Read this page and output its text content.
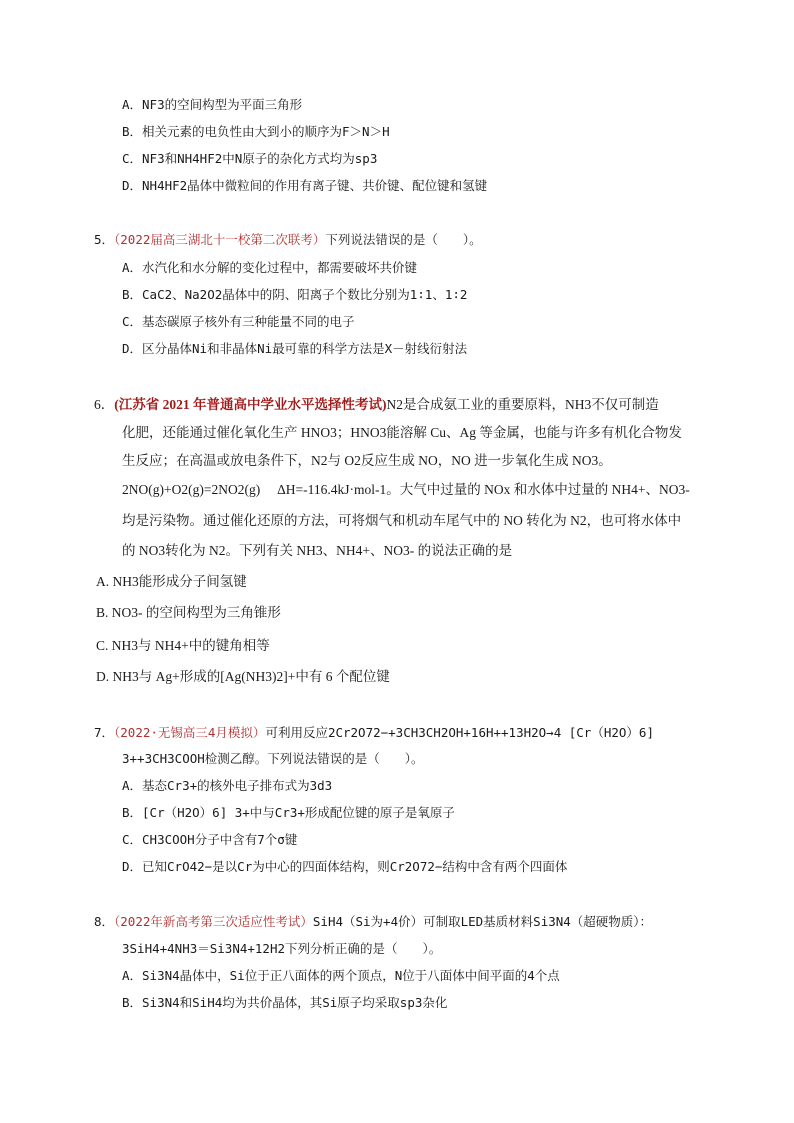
A．NF3的空间构型为平面三角形
B．相关元素的电负性由大到小的顺序为F＞N＞H
C．NF3和NH4HF2中N原子的杂化方式均为sp3
D．NH4HF2晶体中微粒间的作用有离子键、共价键、配位键和氢键
5．（2022届高三湖北十一校第二次联考）下列说法错误的是（　　）。
A．水汽化和水分解的变化过程中，都需要破坏共价键
B．CaC2、Na2O2晶体中的阴、阳离子个数比分别为1∶1、1∶2
C．基态碳原子核外有三种能量不同的电子
D．区分晶体Ni和非晶体Ni最可靠的科学方法是X－射线衍射法
6．(江苏省 2021 年普通高中学业水平选择性考试)N2是合成氨工业的重要原料，NH3不仅可制造
化肥，还能通过催化氧化生产 HNO3；HNO3能溶解 Cu、Ag 等金属，也能与许多有机化合物发
生反应；在高温或放电条件下，N2与 O2反应生成 NO，NO 进一步氧化生成 NO3。
2NO(g)+O2(g)=2NO2(g)　 ΔH=-116.4kJ·mol-1。大气中过量的 NOx 和水体中过量的 NH4+、NO3-
均是污染物。通过催化还原的方法，可将烟气和机动车尾气中的 NO 转化为 N2，也可将水体中
的 NO3转化为 N2。下列有关 NH3、NH4+、NO3- 的说法正确的是
A. NH3能形成分子间氢键
B. NO3- 的空间构型为三角锥形
C. NH3与 NH4+中的键角相等
D. NH3与 Ag+形成的[Ag(NH3)2]+中有 6 个配位键
7．（2022·无锡高三4月模拟）可利用反应2Cr2O72−+3CH3CH2OH+16H++13H2O→4 [Cr（H2O）6]
3++3CH3COOH检测乙醇。下列说法错误的是（　　）。
A．基态Cr3+的核外电子排布式为3d3
B．[Cr（H2O）6] 3+中与Cr3+形成配位键的原子是氧原子
C．CH3COOH分子中含有7个σ键
D．已知CrO42−是以Cr为中心的四面体结构，则Cr2O72−结构中含有两个四面体
8．（2022年新高考第三次适应性考试）SiH4（Si为+4价）可制取LED基质材料Si3N4（超硬物质）：
3SiH4+4NH3＝Si3N4+12H2下列分析正确的是（　　）。
A．Si3N4晶体中，Si位于正八面体的两个顶点，N位于八面体中间平面的4个点
B．Si3N4和SiH4均为共价晶体，其Si原子均采取sp3杂化
